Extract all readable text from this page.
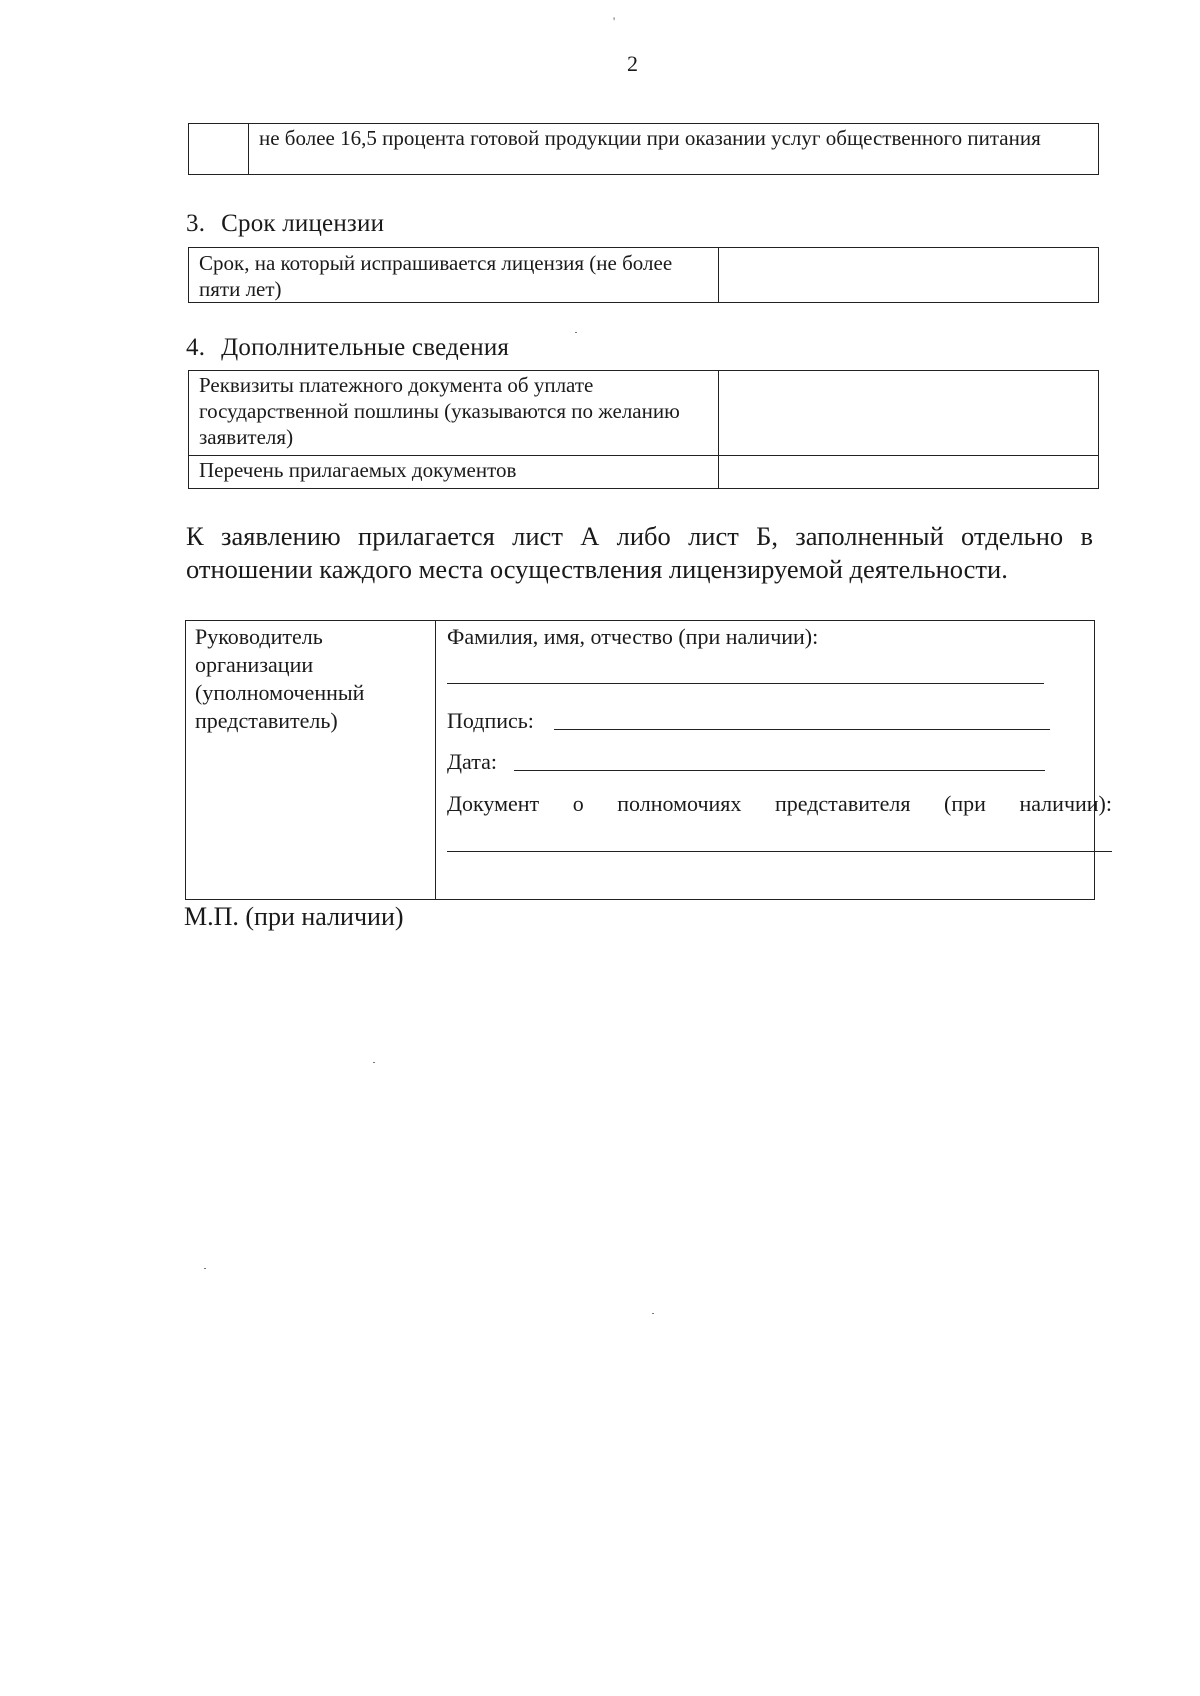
'
2
	не более 16,5 процента готовой продукции при оказании услуг общественного питания
3. Срок лицензии
Срок, на который испрашивается лицензия (не более пяти лет)	
4. Дополнительные сведения
Реквизиты платежного документа об уплате государственной пошлины (указываются по желанию заявителя)	
Перечень прилагаемых документов	
К заявлению прилагается лист А либо лист Б, заполненный отдельно в
отношении каждого места осуществления лицензируемой деятельности.
Руководитель организации (уполномоченный представитель)	
Фамилия, имя, отчество (при наличии):
Подпись:
Дата:
Документ о полномочиях представителя (при наличии):
М.П. (при наличии)
